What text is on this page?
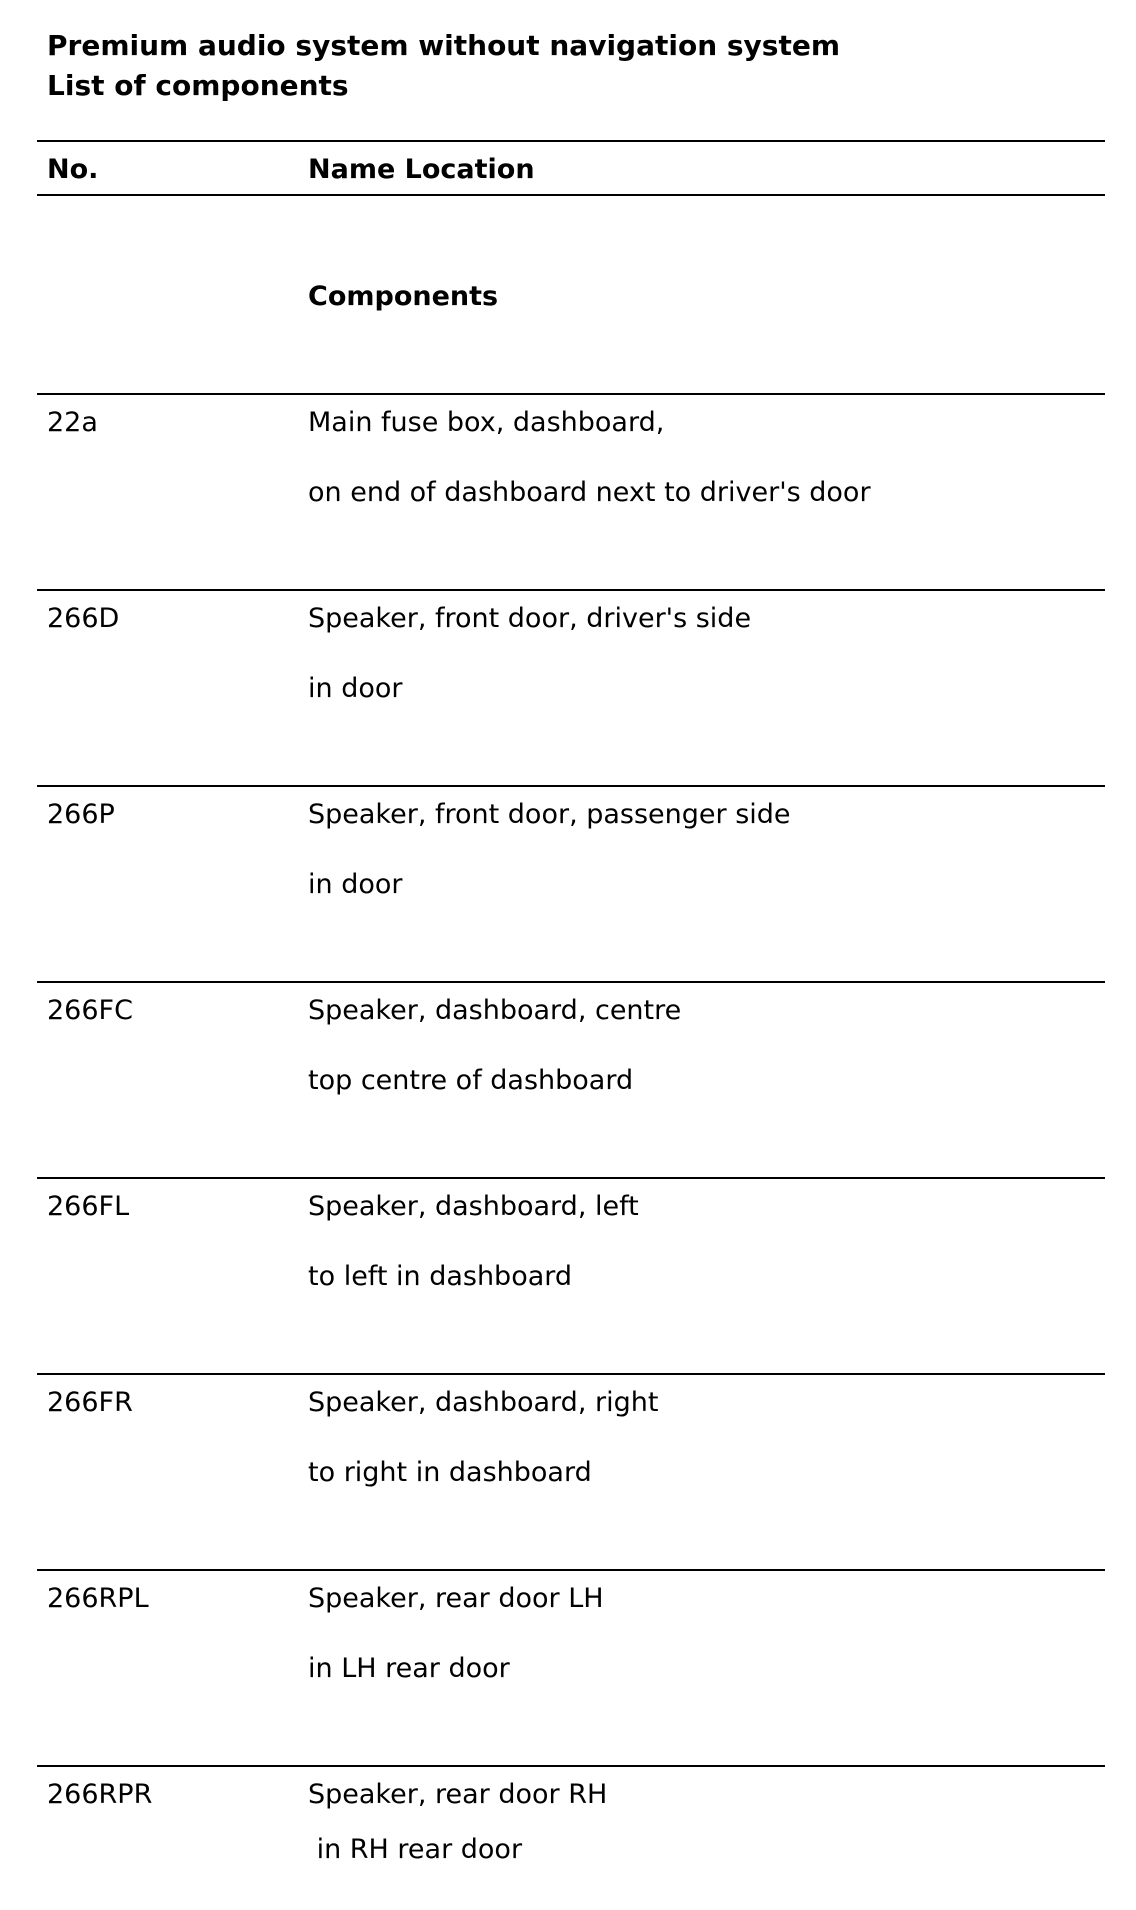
Premium audio system without navigation system
List of components
No.	Name Location
Components
22a	Main fuse box, dashboard,
on end of dashboard next to driver's door
266D	Speaker, front door, driver's side
in door
266P	Speaker, front door, passenger side
in door
266FC	Speaker, dashboard, centre
top centre of dashboard
266FL	Speaker, dashboard, left
to left in dashboard
266FR	Speaker, dashboard, right
to right in dashboard
266RPL	Speaker, rear door LH
in LH rear door
266RPR	Speaker, rear door RH
in RH rear door
